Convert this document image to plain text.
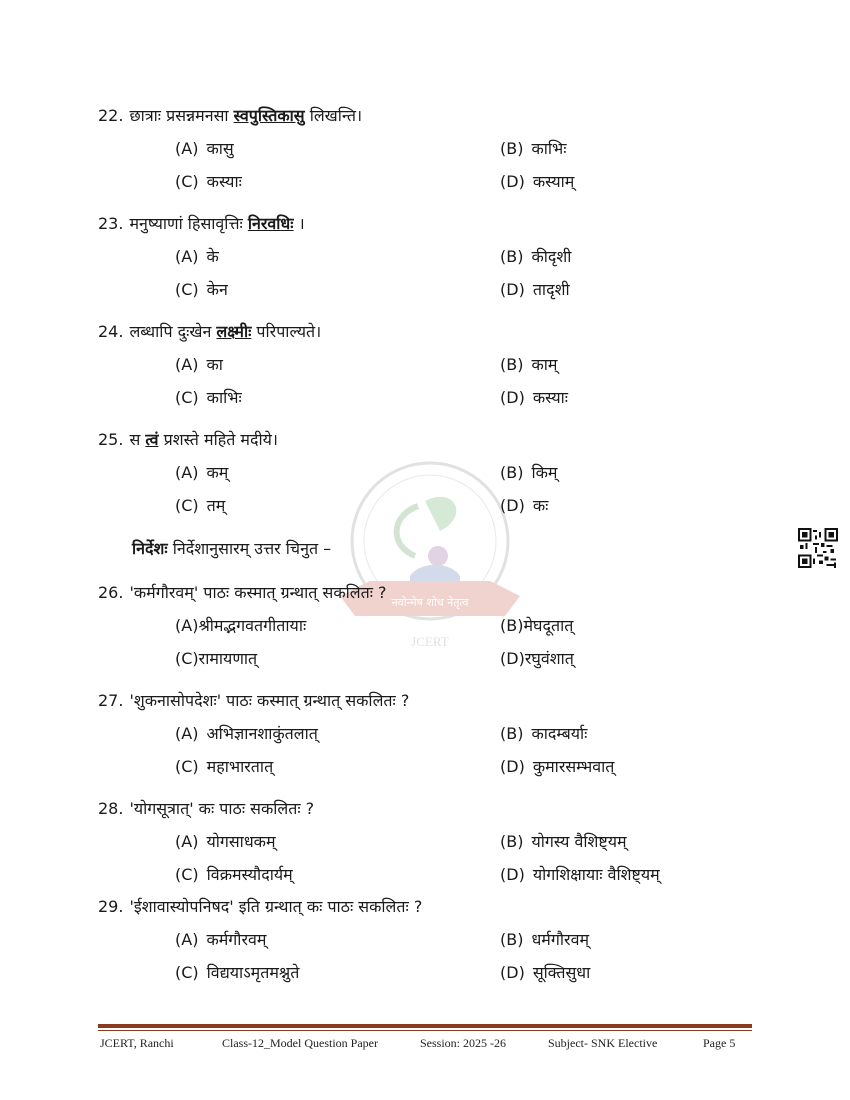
नवोन्मेष शोध नेतृत्व
JCERT
22. छात्राः प्रसन्नमनसा स्वपुस्तिकासु लिखन्ति।
(A) कासु	(B) काभिः
(C) कस्याः	(D) कस्याम्
23. मनुष्याणां हिसावृत्तिः निरवधिः ।
(A) के	(B) कीदृशी
(C) केन	(D) तादृशी
24. लब्धापि दुःखेन लक्ष्मीः परिपाल्यते।
(A) का	(B) काम्
(C) काभिः	(D) कस्याः
25. स त्वं प्रशस्ते महिते मदीये।
(A) कम्	(B) किम्
(C) तम्	(D) कः
निर्देशः निर्देशानुसारम् उत्तर चिनुत –
26. 'कर्मगौरवम्' पाठः कस्मात् ग्रन्थात् सकलितः ?
(A)श्रीमद्भगवतगीतायाः	(B)मेघदूतात्
(C)रामायणात्	(D)रघुवंशात्
27. 'शुकनासोपदेशः' पाठः कस्मात् ग्रन्थात् सकलितः ?
(A) अभिज्ञानशाकुंतलात्	(B) कादम्बर्याः
(C) महाभारतात्	(D) कुमारसम्भवात्
28. 'योगसूत्रात्' कः पाठः सकलितः ?
(A) योगसाधकम्	(B) योगस्य वैशिष्ट्यम्
(C) विक्रमस्यौदार्यम्	(D) योगशिक्षायाः वैशिष्ट्यम्
29. 'ईशावास्योपनिषद' इति ग्रन्थात् कः पाठः सकलितः ?
(A) कर्मगौरवम्	(B) धर्मगौरवम्
(C) विद्ययाऽमृतमश्नुते	(D) सूक्तिसुधा
JCERT, Ranchi	Class-12_Model Question Paper	Session: 2025 -26	Subject- SNK Elective	Page 5
